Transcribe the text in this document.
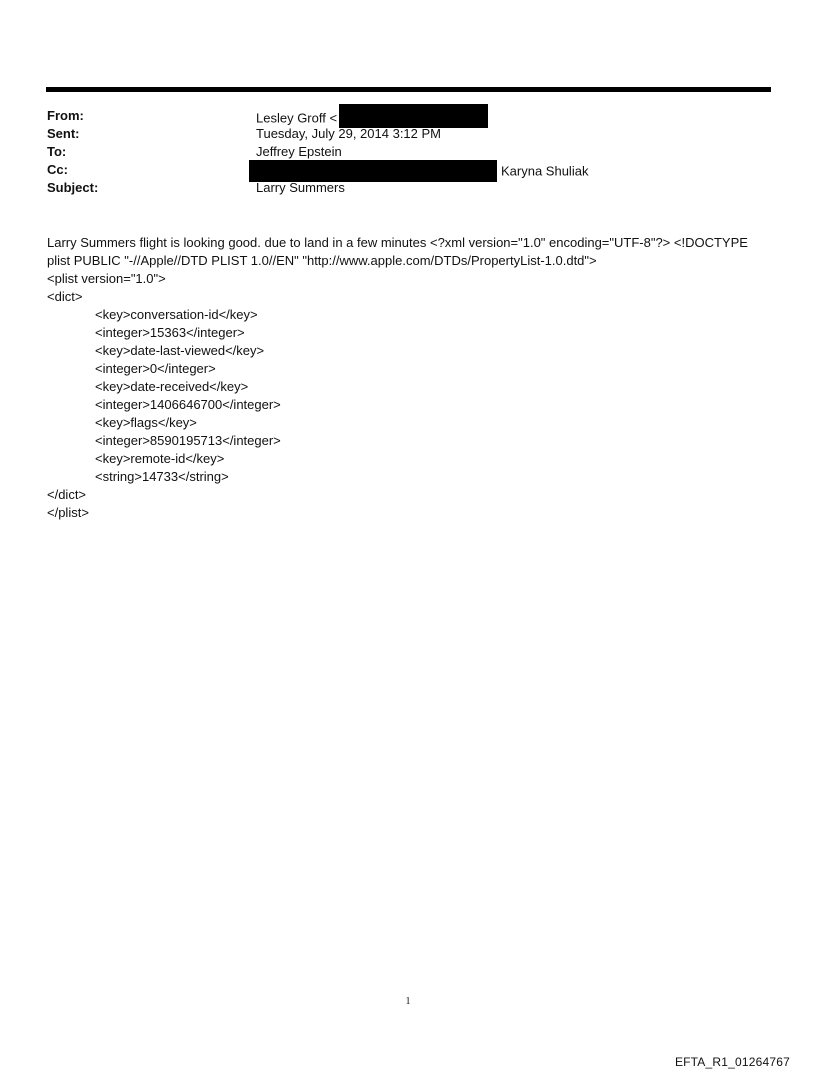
From:	Lesley Groff <
Sent:	Tuesday, July 29, 2014 3:12 PM
To:	Jeffrey Epstein
Cc:	Karyna Shuliak
Subject:	Larry Summers
Larry Summers flight is looking good. due to land in a few minutes <?xml version="1.0" encoding="UTF-8"?> <!DOCTYPE
plist PUBLIC "-//Apple//DTD PLIST 1.0//EN" "http://www.apple.com/DTDs/PropertyList-1.0.dtd">
<plist version="1.0">
<dict>
<key>conversation-id</key>
<integer>15363</integer>
<key>date-last-viewed</key>
<integer>0</integer>
<key>date-received</key>
<integer>1406646700</integer>
<key>flags</key>
<integer>8590195713</integer>
<key>remote-id</key>
<string>14733</string>
</dict>
</plist>
1
EFTA_R1_01264767
